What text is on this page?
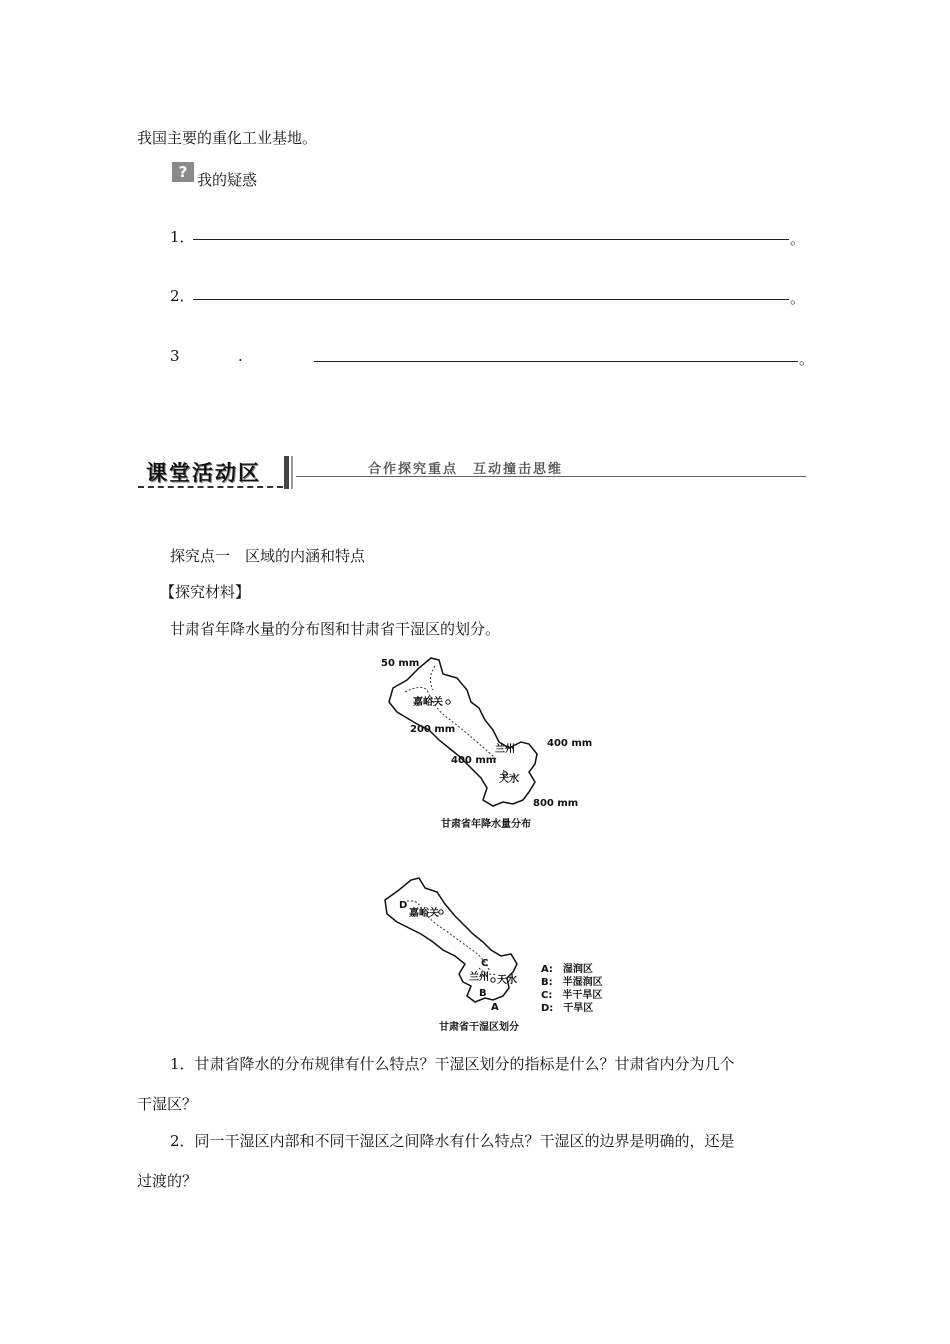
我国主要的重化工业基地。
? 我的疑惑
1．	。
2．	。
3	.	。
课堂活动区	合作探究重点　互动撞击思维
探究点一　区域的内涵和特点
【探究材料】
甘肃省年降水量的分布图和甘肃省干湿区的划分。
50 mm
嘉峪关
200 mm
兰州
400 mm
400 mm
天水
800 mm
甘肃省年降水量分布
D
嘉峪关
C
兰州 天水
B
A
A:　湿润区
B:　半湿润区
C:　半干旱区
D:　干旱区
甘肃省干湿区划分
1．甘肃省降水的分布规律有什么特点？干湿区划分的指标是什么？甘肃省内分为几个
干湿区？
2．同一干湿区内部和不同干湿区之间降水有什么特点？干湿区的边界是明确的，还是
过渡的？
